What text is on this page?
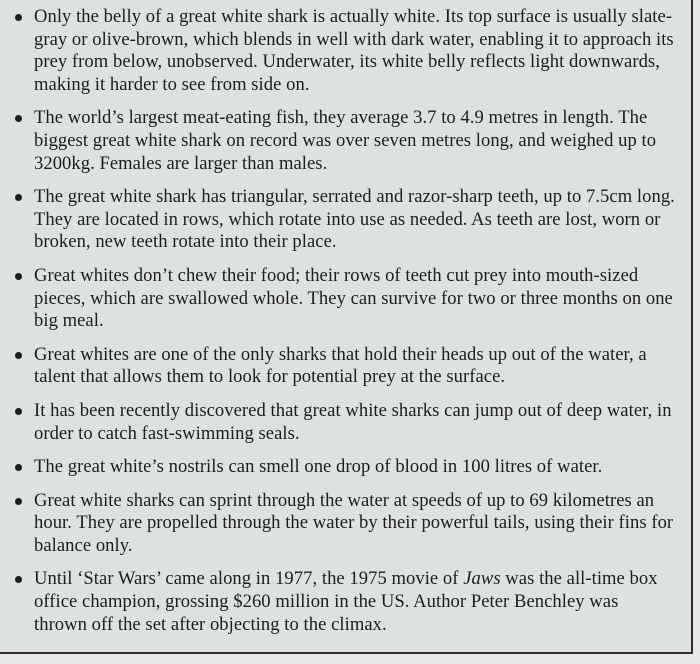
Only the belly of a great white shark is actually white. Its top surface is usually slate-gray or olive-brown, which blends in well with dark water, enabling it to approach its prey from below, unobserved. Underwater, its white belly reflects light downwards, making it harder to see from side on.
The world’s largest meat-eating fish, they average 3.7 to 4.9 metres in length. The biggest great white shark on record was over seven metres long, and weighed up to 3200kg. Females are larger than males.
The great white shark has triangular, serrated and razor-sharp teeth, up to 7.5cm long. They are located in rows, which rotate into use as needed. As teeth are lost, worn or broken, new teeth rotate into their place.
Great whites don’t chew their food; their rows of teeth cut prey into mouth-sized pieces, which are swallowed whole. They can survive for two or three months on one big meal.
Great whites are one of the only sharks that hold their heads up out of the water, a talent that allows them to look for potential prey at the surface.
It has been recently discovered that great white sharks can jump out of deep water, in order to catch fast-swimming seals.
The great white’s nostrils can smell one drop of blood in 100 litres of water.
Great white sharks can sprint through the water at speeds of up to 69 kilometres an hour. They are propelled through the water by their powerful tails, using their fins for balance only.
Until ‘Star Wars’ came along in 1977, the 1975 movie of Jaws was the all-time box office champion, grossing $260 million in the US. Author Peter Benchley was thrown off the set after objecting to the climax.
